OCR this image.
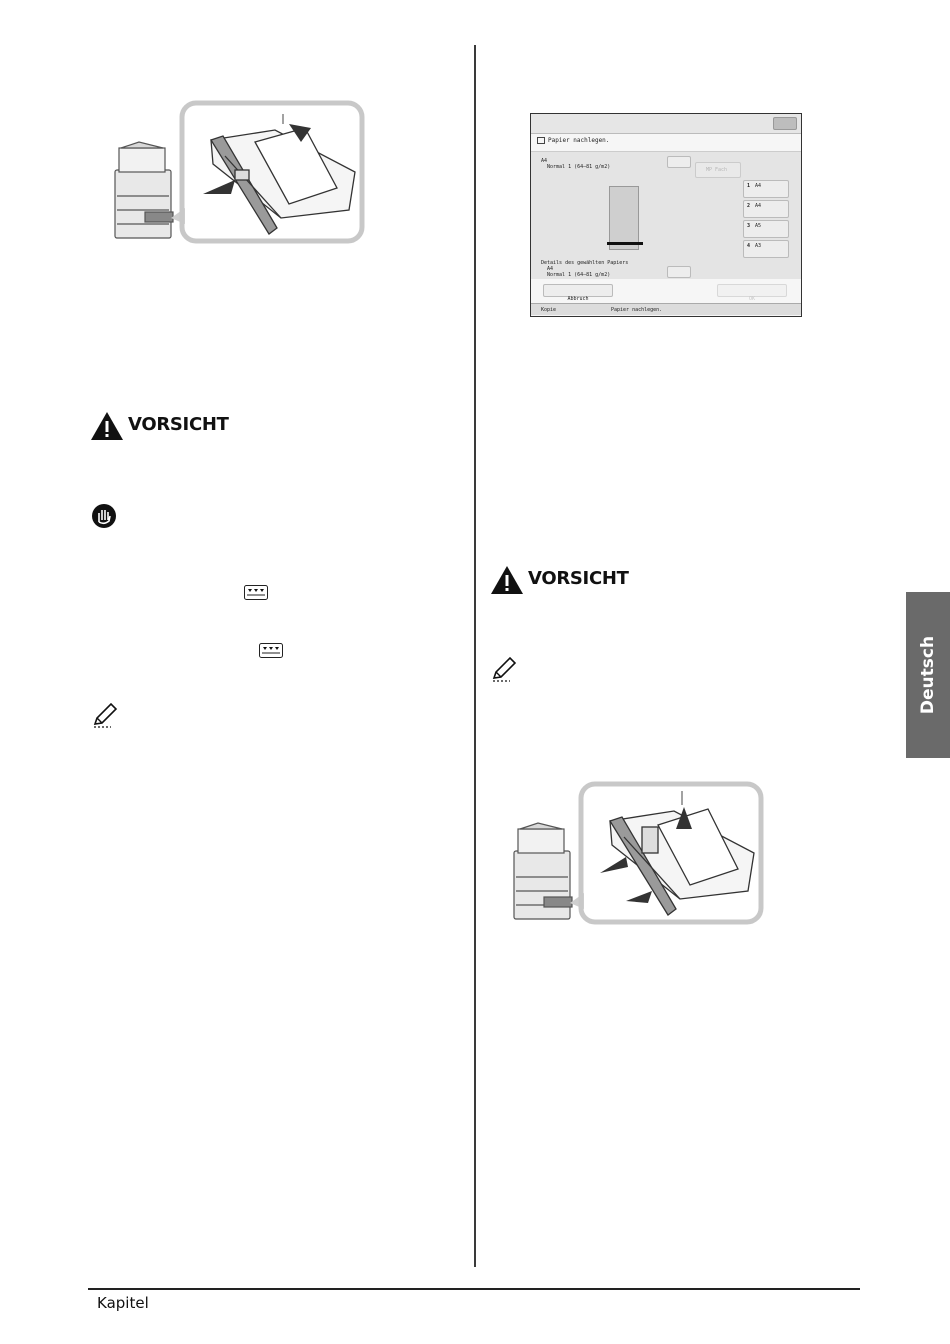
Kapitel
Deutsch
VORSICHT
Papier nachlegen.
A4
Normal 1 (64–81 g/m2)	MP Fach
1 A4
2 A4
3 A5
4 A3
Details des gewählten Papiers
A4
Normal 1 (64–81 g/m2)
Abbruch	OK
Kopie	Papier nachlegen.
VORSICHT
